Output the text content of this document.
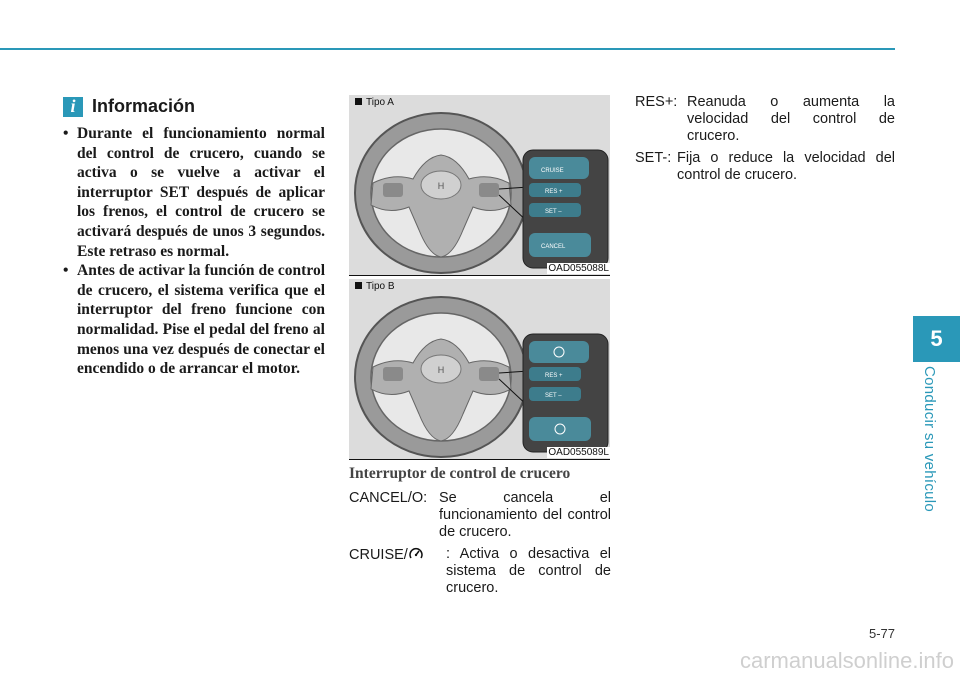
5
Conducir su vehículo
i Información
• Durante el funcionamiento normal del control de crucero, cuando se activa o se vuelve a activar el interruptor SET después de aplicar los frenos, el control de crucero se activará después de unos 3 segundos. Este retraso es normal.
• Antes de activar la función de control de crucero, el sistema verifica que el interruptor del freno funcione con normalidad. Pise el pedal del freno al menos una vez después de conectar el encendido o de arrancar el motor.
H
CRUISE
RES +
SET –
CANCEL
Tipo A
OAD055088L
H
RES +
SET –
Tipo B
OAD055089L
Interruptor de control de crucero
CANCEL/O: Se cancela el funcionamiento del control de crucero.
CRUISE/	: Activa o desactiva el sistema de control de crucero.
RES+: Reanuda o aumenta la velocidad del control de crucero.
SET-: Fija o reduce la velocidad del control de crucero.
5-77
carmanualsonline.info
